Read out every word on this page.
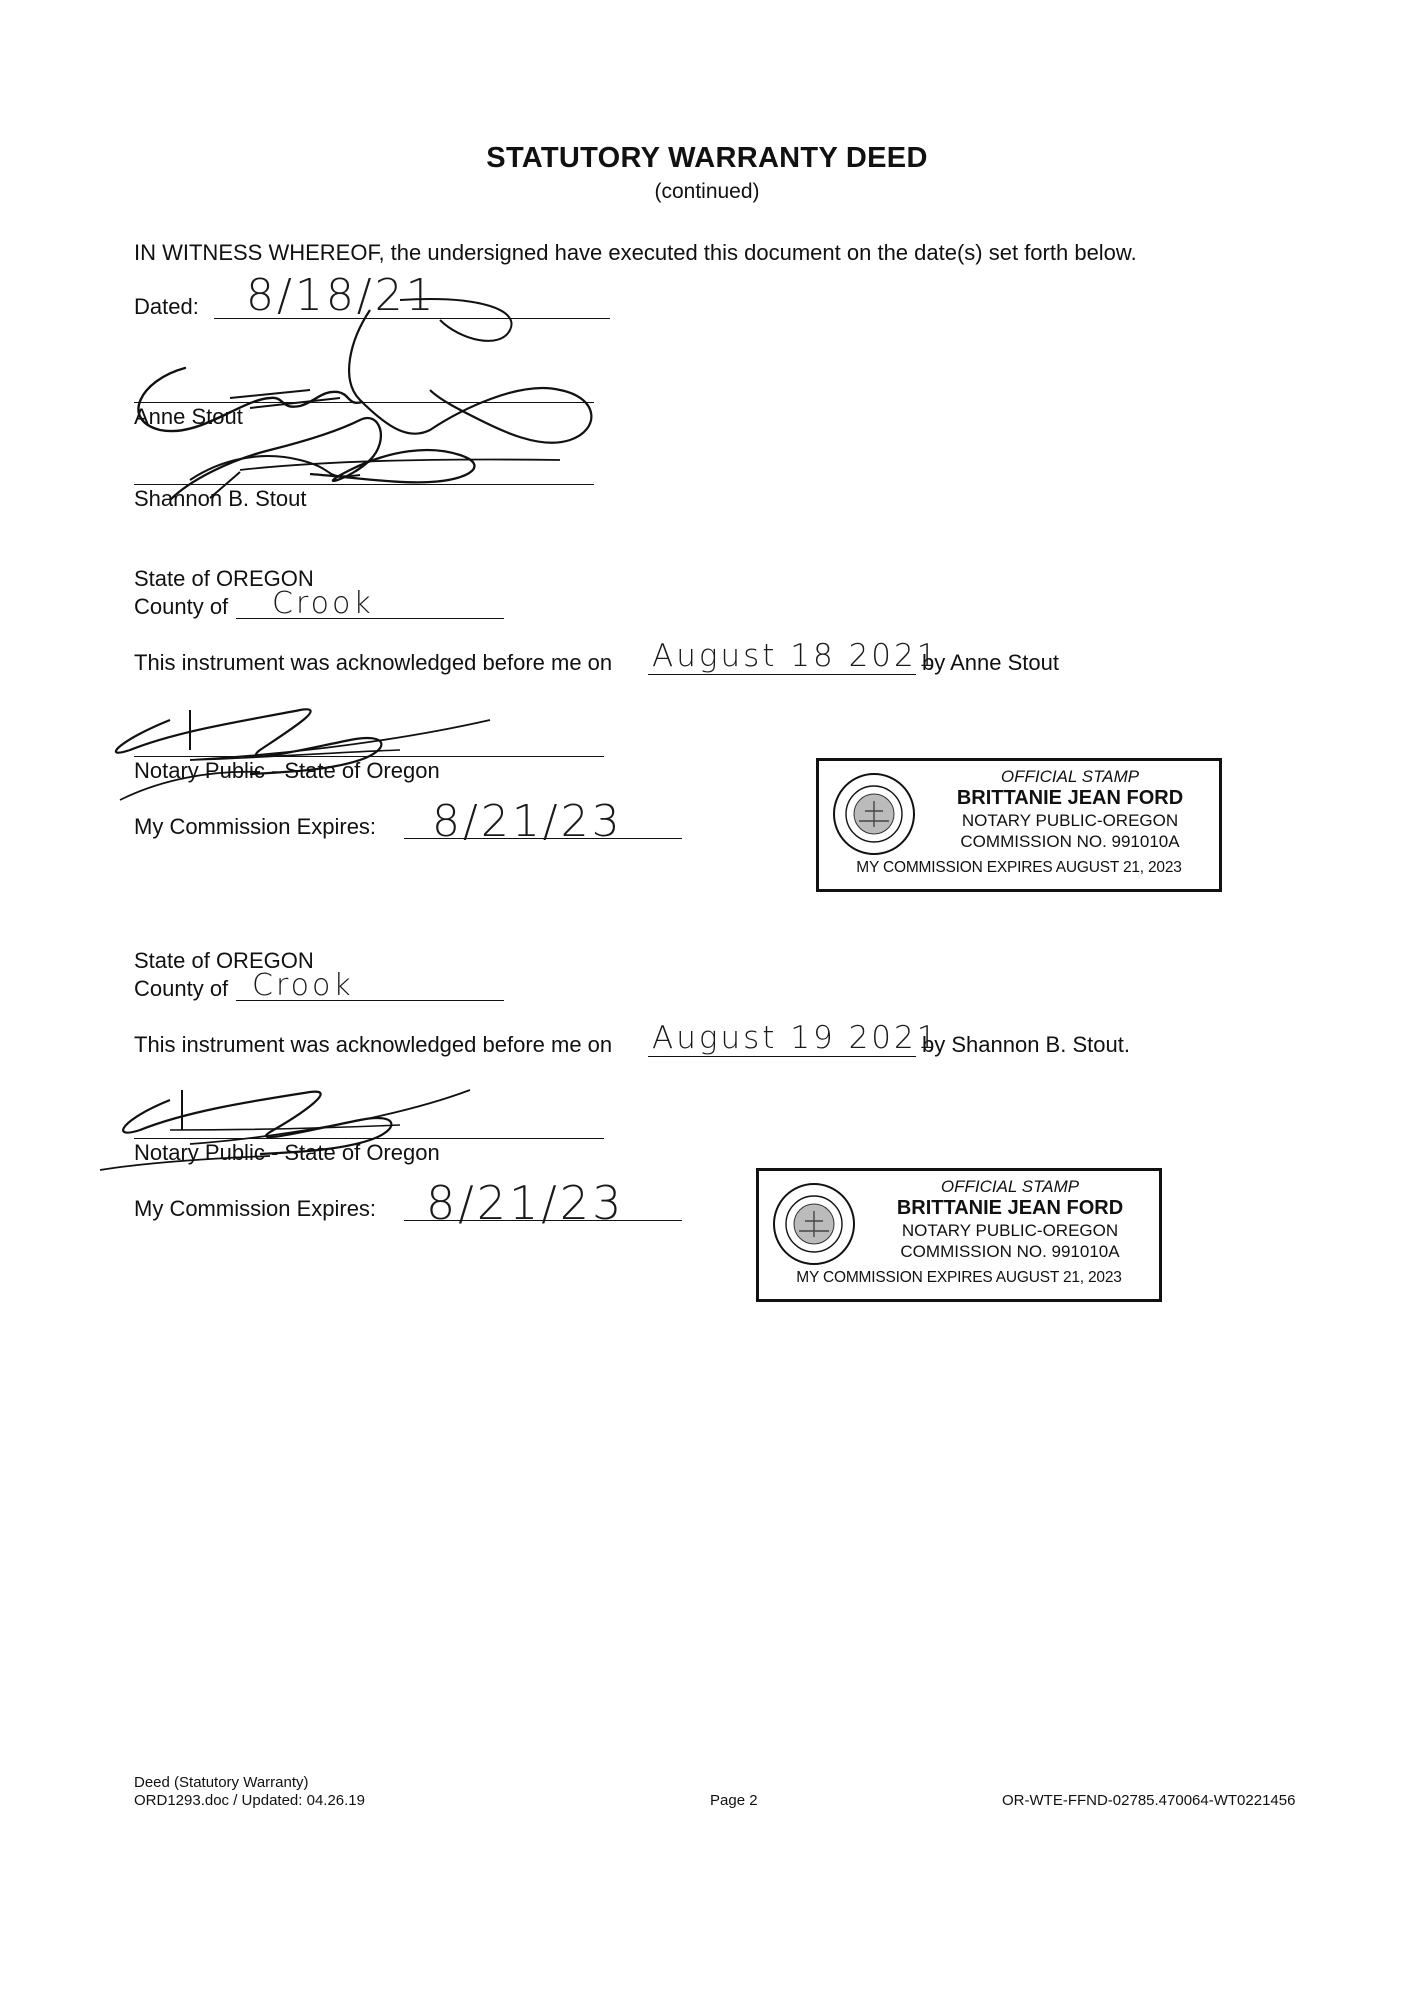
STATUTORY WARRANTY DEED
(continued)
IN WITNESS WHEREOF, the undersigned have executed this document on the date(s) set forth below.
Dated: 8/18/21
Anne Stout
Shannon B. Stout
State of OREGON
County of Crook
This instrument was acknowledged before me on August 18 2021
by Anne Stout
Notary Public - State of Oregon
My Commission Expires: 8/21/23
OFFICIAL STAMP
BRITTANIE JEAN FORD
NOTARY PUBLIC-OREGON
COMMISSION NO. 991010A
MY COMMISSION EXPIRES AUGUST 21, 2023
State of OREGON
County of Crook
This instrument was acknowledged before me on August 19 2021
by Shannon B. Stout.
Notary Public - State of Oregon
My Commission Expires: 8/21/23	OFFICIAL STAMP
BRITTANIE JEAN FORD
NOTARY PUBLIC-OREGON
COMMISSION NO. 991010A
MY COMMISSION EXPIRES AUGUST 21, 2023
Deed (Statutory Warranty)
ORD1293.doc / Updated: 04.26.19	Page 2	OR-WTE-FFND-02785.470064-WT0221456
